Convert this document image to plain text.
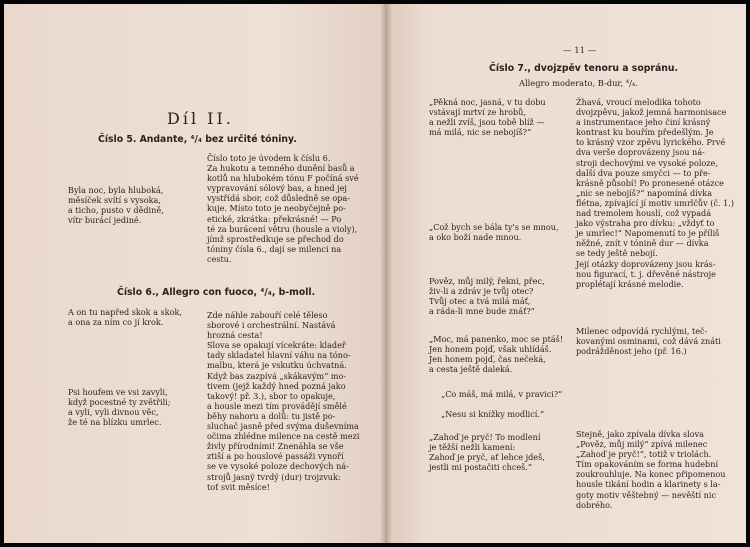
Díl II.
Číslo 5. Andante, ⁴/₄ bez určité tóniny.
Byla noc, byla hluboká,
měsíček svítí s vysoka,
a ticho, pusto v dědině,
vítr burácí jediné.
Číslo toto je úvodem k číslu 6.
Za hukotu a temného dunění basů a
kotlů na hlubokém tónu F počíná své
vypravování sólový bas, a hned jej
vystřídá sbor, což důsledně se opa-
kuje. Místo toto je neobyčejně po-
etické, zkrátka: překrásné! — Po
té za burácení větru (housle a violy),
jímž sprostředkuje se přechod do
tóniny čísla 6., dají se milenci na
cestu.
Číslo 6., Allegro con fuoco, ⁴/₄, b-moll.
A on tu napřed skok a skok,
a ona za ním co jí krok.
Psi houfem ve vsi zavyli,
když pocestné ty zvětřili;
a vyli, vyli divnou věc,
že té na blízku umrlec.
Zde náhle zabouří celé těleso
sborové i orchestrální. Nastává
hrozná cesta!
Slova se opakují vícekráte: kladeř
tady skladatel hlavní váhu na tóno-
malbu, která je vskutku úchvatná.
Když bas zazpívá „skákavým“ mo-
tivem (jejž každý hned pozná jako
takový! př. 3.), sbor to opakuje,
a housle mezi tím provádějí smělé
běhy nahoru a dolů: tu jistě po-
sluchač jasně před svýma duševníma
očima zhlédne milence na cestě mezi
živly přírodními! Znenáhla se vše
ztiší a po houslové passáži vynoří
se ve vysoké poloze dechových ná-
strojů jasný tvrdý (dur) trojzvuk:
toť svit měsíce!
— 11 —
Číslo 7., dvojzpěv tenoru a sopránu.
Allegro moderato, B-dur, ⁴/₄.
„Pěkná noc, jasná, v tu dobu
vstávají mrtví ze hrobů,
a nežli zvíš, jsou tobě blíž —
má milá, nic se nebojíš?“
„Což bych se bála ty's se mnou,
a oko boží nade mnou.
Pověz, můj milý, řekni, přec,
živ-li a zdráv je tvůj otec?
Tvůj otec a tvá milá máť,
a ráda-li mne bude znáť?“
„Moc, má panenko, moc se ptáš!
Jen honem pojď, však uhlídáš.
Jen honem pojď, čas nečeká,
a cesta ještě daleká.
„Co máš, má milá, v pravici?“
„Nesu si knížky modlicí.“
„Zahoď je pryč! To modlení
je těžší nežli kamení:
Zahoď je pryč, ať lehce jdeš,
jestli mi postačiti chceš.“
Žhavá, vroucí melodika tohoto
dvojzpěvu, jakož jemná harmonisace
a instrumentace jeho činí krásný
kontrast ku bouřím předešlým. Je
to krásný vzor zpěvu lyrického. Prvé
dva verše doprovázeny jsou ná-
stroji dechovými ve vysoké poloze,
další dva pouze smyčci — to pře-
krásně působí! Po pronesené otázce
„nic se nebojíš?“ napomíná dívka
flétna, zpívající jí motiv umrlčův (č. 1.)
nad tremolem houslí, což vypadá
jako výstraha pro dívku: „vždyť to
je umrlec!“ Napomenutí to je příliš
něžné, znít v tónině dur — dívka
se tedy ještě nebojí.
Její otázky doprovázeny jsou krás-
nou figurací, t. j. dřevěné nástroje
proplétají krásné melodie.
Milenec odpovídá rychlými, teč-
kovanými osminami, což dává znáti
podrážděnost jeho (př. 16.)
Stejně, jako zpívala dívka slova
„Pověz, můj milý“ zpívá milenec
„Zahoď je pryč!“, totiž v triolách.
Tím opakováním se forma hudební
zoukrouhluje. Na konec připomenou
housle tikání hodin a klarinety s la-
goty motiv věštebný — nevěští nic
dobrého.
